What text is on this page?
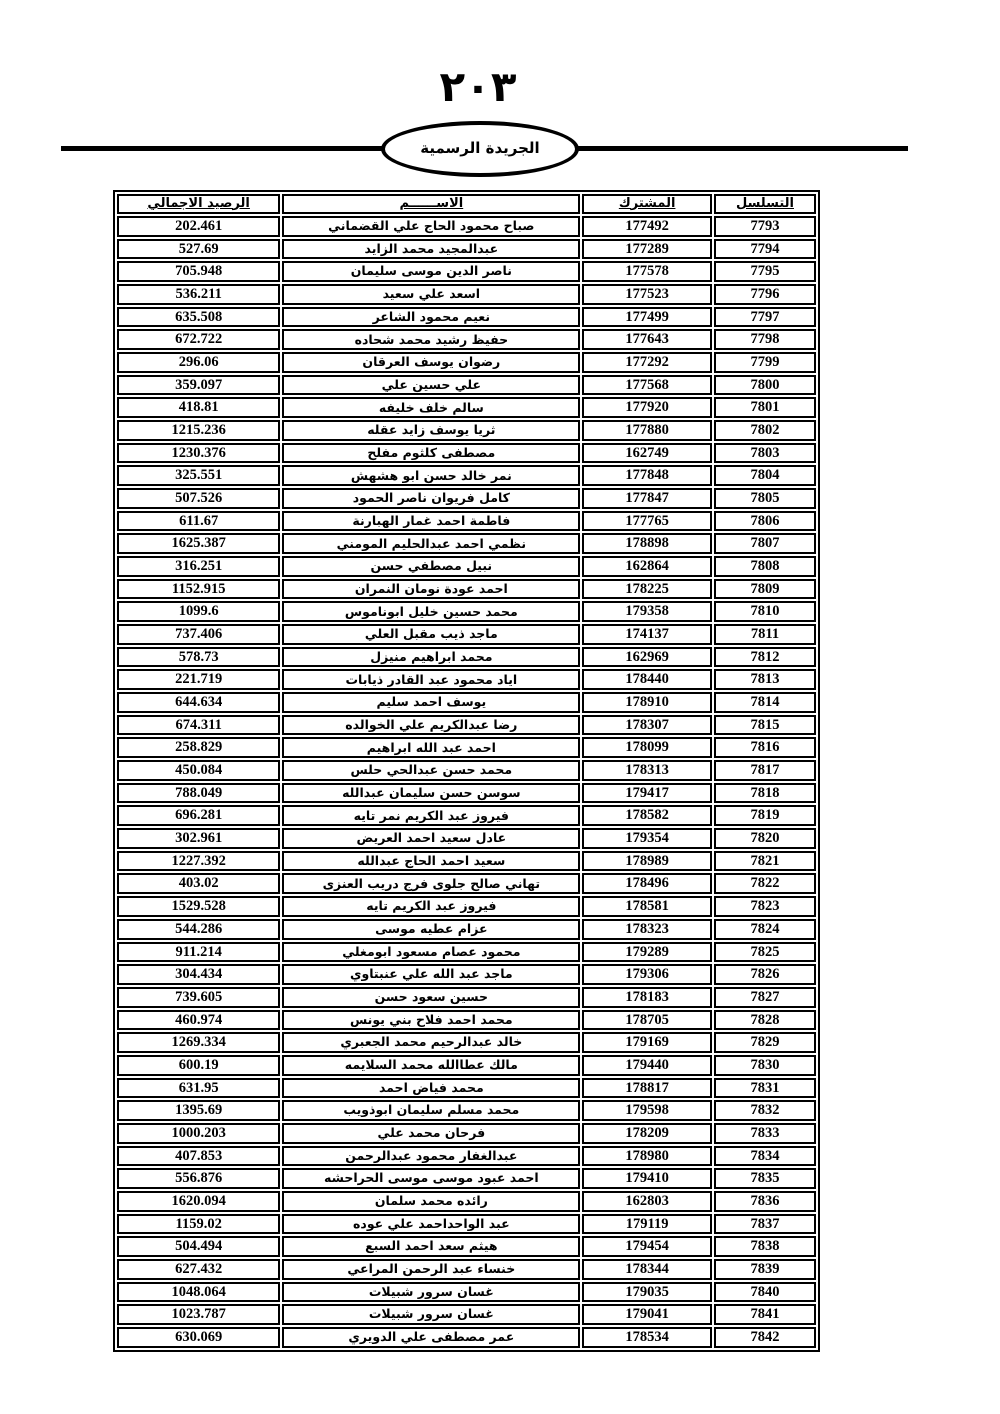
٢٠٣
الجريدة الرسمية
التسلسل	المشترك	الاســــــم	الرصيد الاجمالي
7793	177492	صباح محمود الحاج علي القضماني	202.461
7794	177289	عبدالمجيد محمد الزايد	527.69
7795	177578	ناصر الدين موسى سليمان	705.948
7796	177523	اسعد علي سعيد	536.211
7797	177499	نعيم محمود الشاعر	635.508
7798	177643	حفيظ رشيد محمد شحاده	672.722
7799	177292	رضوان يوسف العرقان	296.06
7800	177568	علي حسين علي	359.097
7801	177920	سالم خلف خليفه	418.81
7802	177880	ثريا يوسف زايد عقله	1215.236
7803	162749	مصطفى كلثوم مفلح	1230.376
7804	177848	نمر خالد حسن ابو هشهش	325.551
7805	177847	كامل فريوان ناصر الحمود	507.526
7806	177765	فاطمة احمد غمار الهبارنة	611.67
7807	178898	نظمي احمد عبدالحليم المومني	1625.387
7808	162864	نبيل مصطفي حسن	316.251
7809	178225	احمد عودة نومان النمران	1152.915
7810	179358	محمد حسين خليل ابوناموس	1099.6
7811	174137	ماجد ذيب مقبل العلي	737.406
7812	162969	محمد ابراهيم منيزل	578.73
7813	178440	اياد محمود عبد القادر ذيابات	221.719
7814	178910	يوسف احمد سليم	644.634
7815	178307	رضا عبدالكريم علي الخوالده	674.311
7816	178099	احمد عبد الله ابراهيم	258.829
7817	178313	محمد حسن عبدالحي حلس	450.084
7818	179417	سوسن حسن سليمان عبدالله	788.049
7819	178582	فيروز عبد الكريم نمر تايه	696.281
7820	179354	عادل سعيد احمد العريض	302.961
7821	178989	سعيد احمد الحاج عبدالله	1227.392
7822	178496	تهاني صالح جلوى فرج دريب العنزى	403.02
7823	178581	فيروز عبد الكريم تايه	1529.528
7824	178323	عزام عطيه موسى	544.286
7825	179289	محمود عصام مسعود ابومغلي	911.214
7826	179306	ماجد عبد الله علي عنبتاوي	304.434
7827	178183	حسين سعود حسن	739.605
7828	178705	محمد احمد فلاح بني يونس	460.974
7829	179169	خالد عبدالرحيم محمد الجعبري	1269.334
7830	179440	مالك عطاالله محمد السلايمه	600.19
7831	178817	محمد فياض احمد	631.95
7832	179598	محمد مسلم سليمان ابوذويب	1395.69
7833	178209	فرحان محمد علي	1000.203
7834	178980	عبدالغفار محمود عبدالرحمن	407.853
7835	179410	احمد عبود موسى موسى الحراحشه	556.876
7836	162803	رائده محمد سلمان	1620.094
7837	179119	عبد الواحداحمد علي عوده	1159.02
7838	179454	هيثم سعد احمد السبع	504.494
7839	178344	خنساء عبد الرحمن المراعي	627.432
7840	179035	غسان سرور شبيلات	1048.064
7841	179041	غسان سرور شبيلات	1023.787
7842	178534	عمر مصطفى علي الدويري	630.069
